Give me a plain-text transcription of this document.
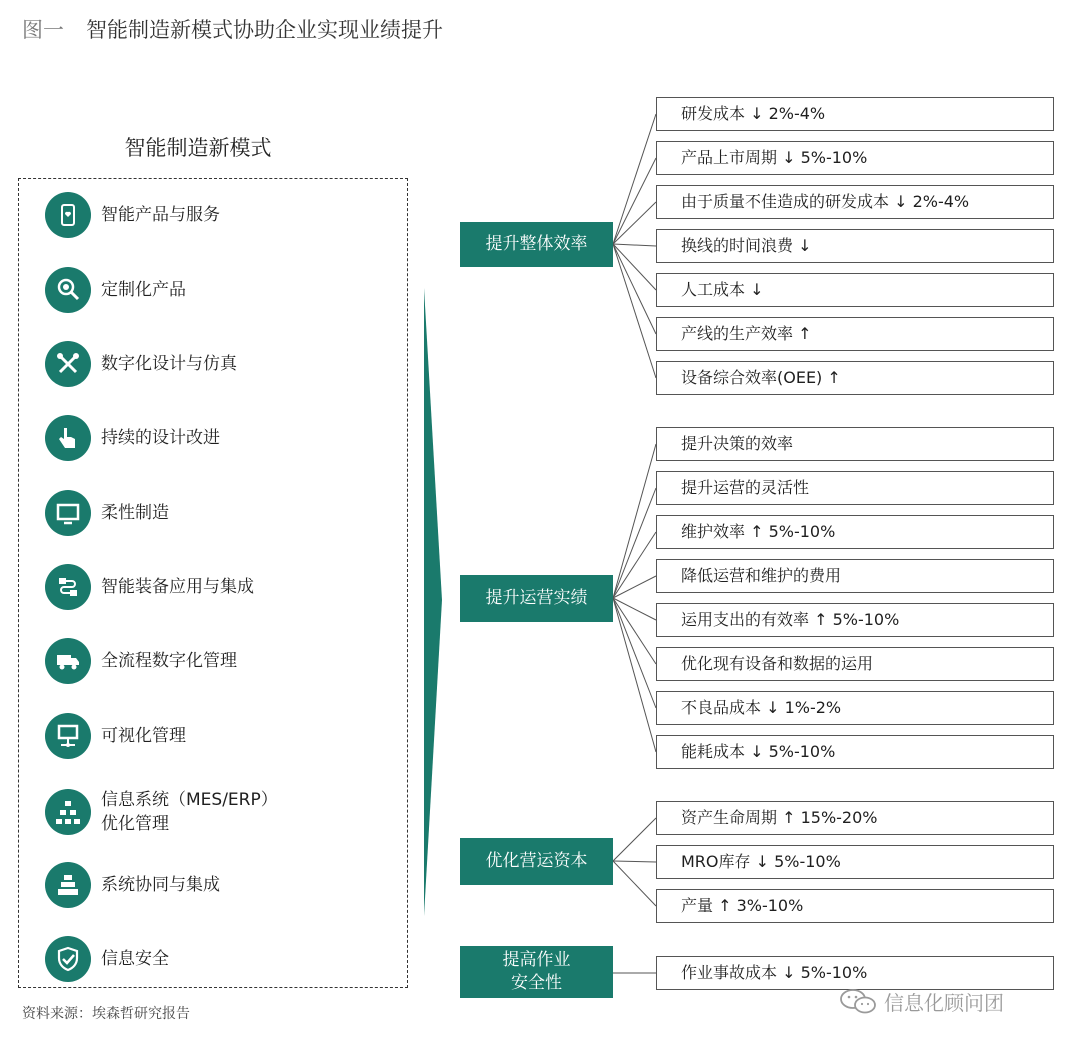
图一 智能制造新模式协助企业实现业绩提升
智能制造新模式
智能产品与服务
定制化产品
数字化设计与仿真
持续的设计改进
柔性制造
智能装备应用与集成
全流程数字化管理
可视化管理
信息系统（MES/ERP）
优化管理
系统协同与集成
信息安全
提升整体效率
提升运营实绩
优化营运资本
提高作业
安全性
研发成本 ↓ 2%-4%
产品上市周期 ↓ 5%-10%
由于质量不佳造成的研发成本 ↓ 2%-4%
换线的时间浪费 ↓
人工成本 ↓
产线的生产效率 ↑
设备综合效率(OEE) ↑
提升决策的效率
提升运营的灵活性
维护效率 ↑ 5%-10%
降低运营和维护的费用
运用支出的有效率 ↑ 5%-10%
优化现有设备和数据的运用
不良品成本 ↓ 1%-2%
能耗成本 ↓ 5%-10%
资产生命周期 ↑ 15%-20%
MRO库存 ↓ 5%-10%
产量 ↑ 3%-10%
作业事故成本 ↓ 5%-10%
资料来源：埃森哲研究报告	信息化顾问团
